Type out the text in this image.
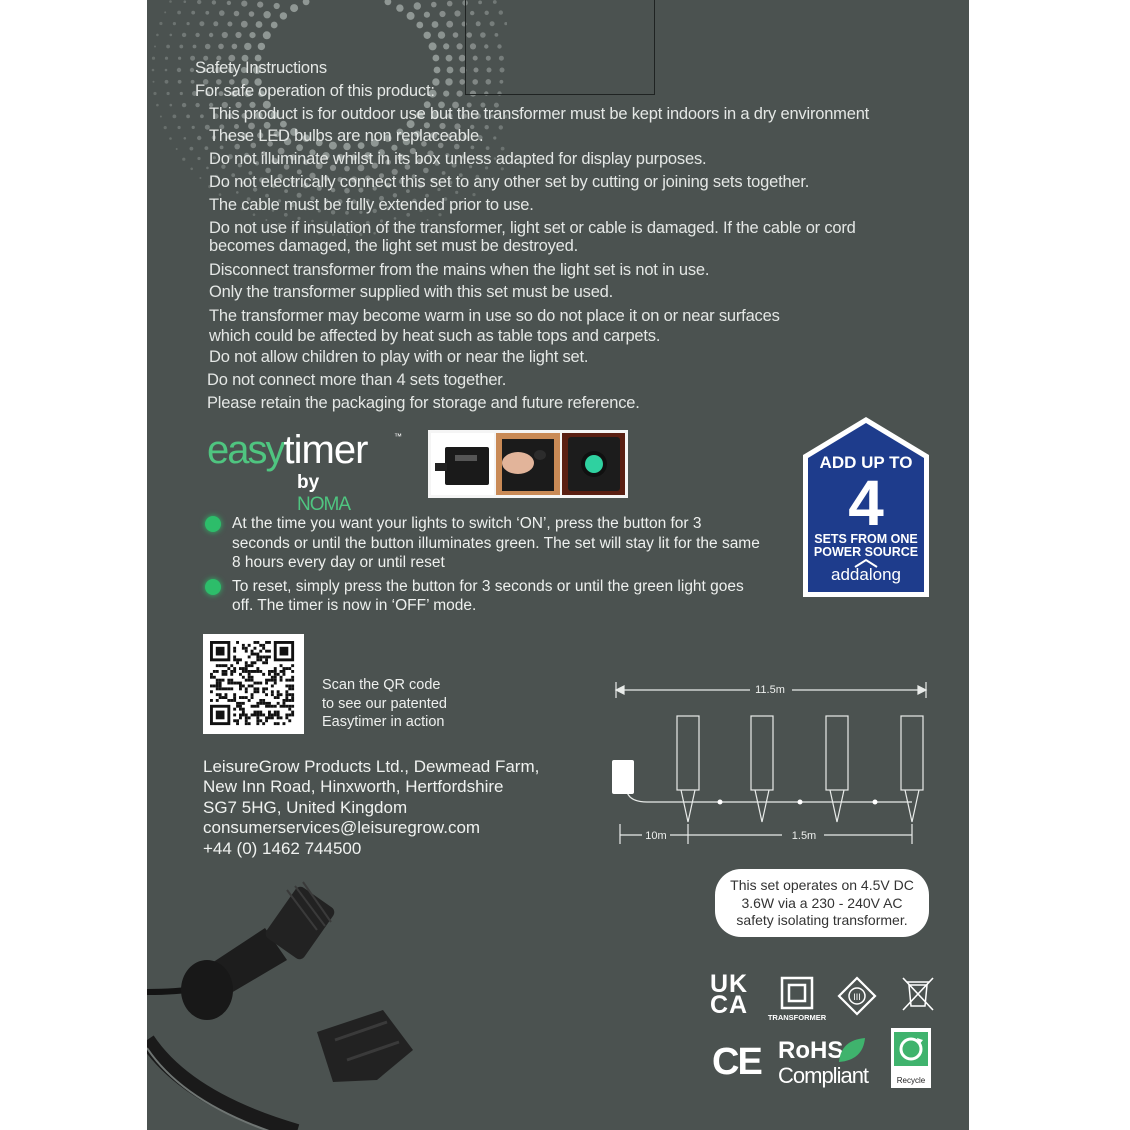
Safety Instructions
For safe operation of this product:
This product is for outdoor use but the transformer must be kept indoors in a dry environment
These LED bulbs are non replaceable.
Do not illuminate whilst in its box unless adapted for display purposes.
Do not electrically connect this set to any other set by cutting or joining sets together.
The cable must be fully extended prior to use.
Do not use if insulation of the transformer, light set or cable is damaged. If the cable or cord
becomes damaged, the light set must be destroyed.
Disconnect transformer from the mains when the light set is not in use.
Only the transformer supplied with this set must be used.
The transformer may become warm in use so do not place it on or near surfaces
which could be affected by heat such as table tops and carpets.
Do not allow children to play with or near the light set.
Do not connect more than 4 sets together.
Please retain the packaging for storage and future reference.
easytimer	™
by NOMA
At the time you want your lights to switch ‘ON’, press the button for 3 seconds or until the button illuminates green. The set will stay lit for the same 8 hours every day or until reset
To reset, simply press the button for 3 seconds or until the green light goes off. The timer is now in ‘OFF’ mode.
ADD UP TO
4
SETS FROM ONE
POWER SOURCE
addalong
Scan the QR code
to see our patented
Easytimer in action
LeisureGrow Products Ltd., Dewmead Farm,
New Inn Road, Hinxworth, Hertfordshire
SG7 5HG, United Kingdom
consumerservices@leisuregrow.com
+44 (0) 1462 744500
11.5m
10m	1.5m
This set operates on 4.5V DC
3.6W via a 230 - 240V AC
safety isolating transformer.
UK
CA	TRANSFORMER
III
CE RoHS
Compliant	Recycle
